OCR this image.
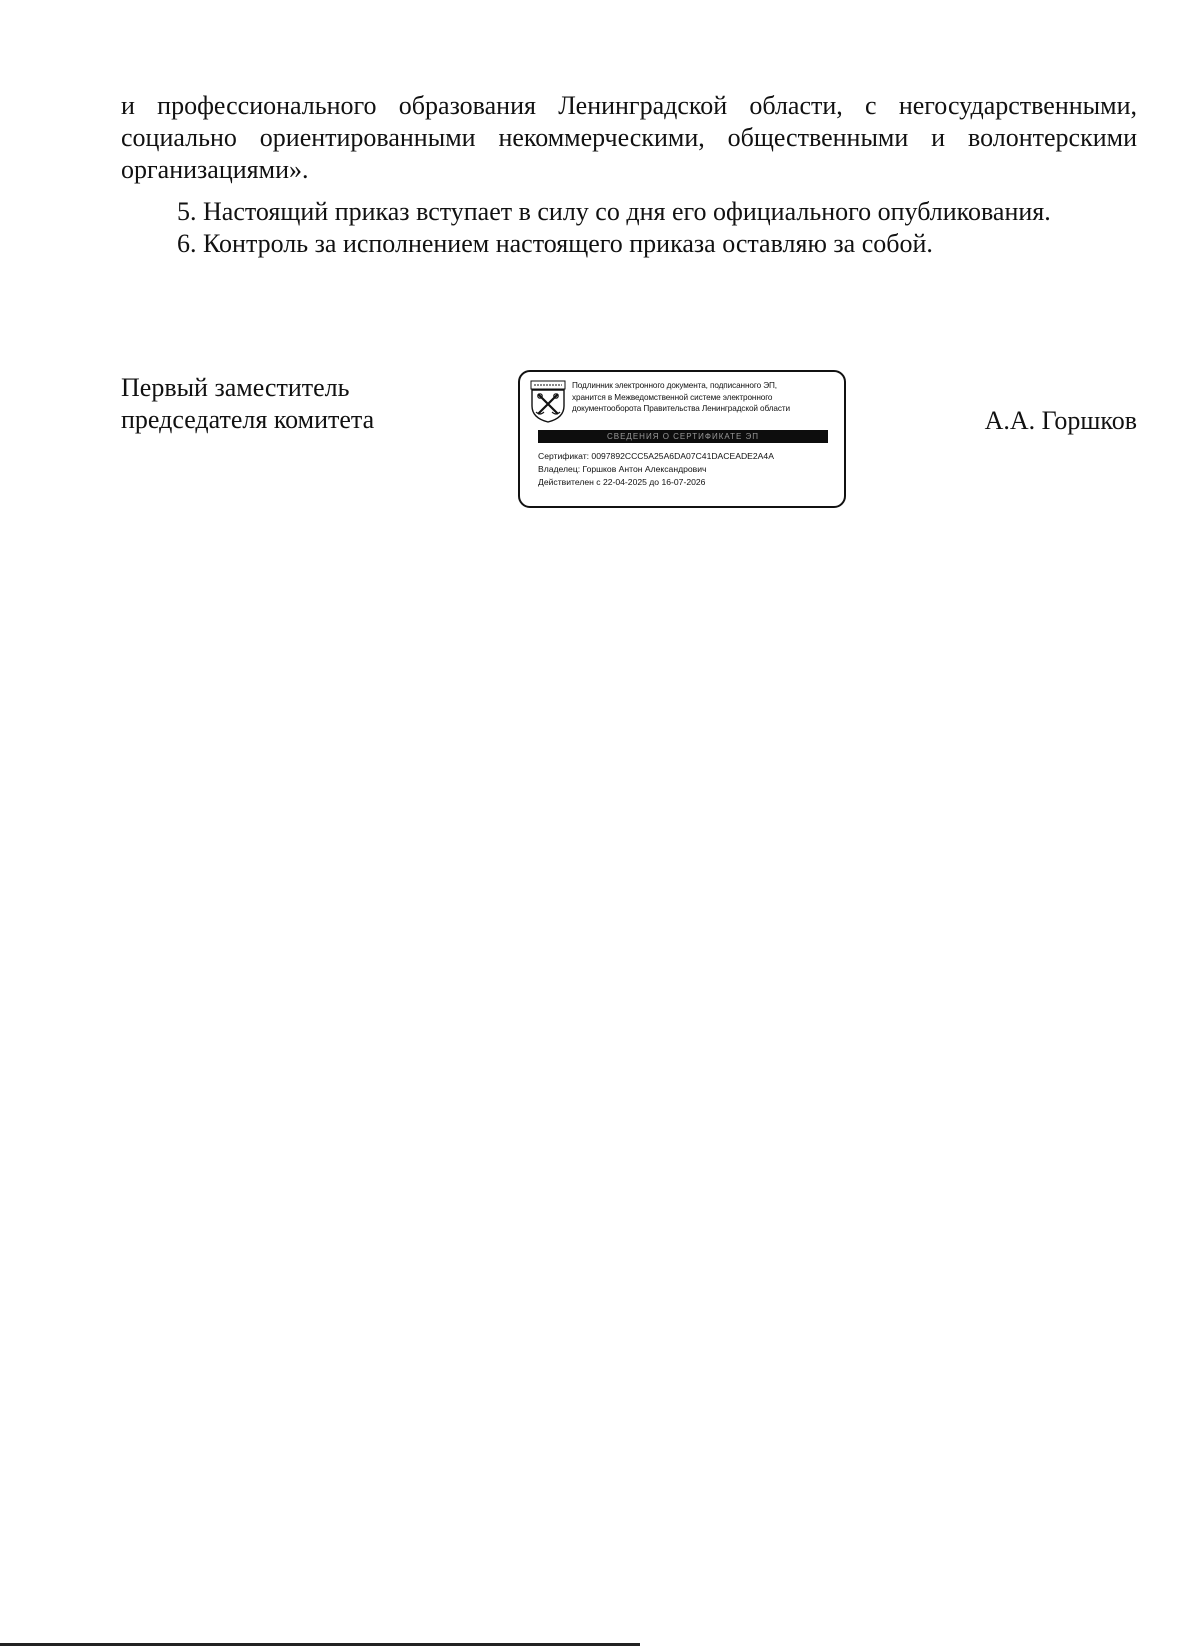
и профессионального образования Ленинградской области, с негосударственными, социально ориентированными некоммерческими, общественными и волонтерскими организациями».

5. Настоящий приказ вступает в силу со дня его официального опубликования.

6. Контроль за исполнением настоящего приказа оставляю за собой.

Первый заместитель
председателя комитета
Подлинник электронного документа, подписанного ЭП,
хранится в Межведомственной системе электронного
документооборота Правительства Ленинградской области
СВЕДЕНИЯ О СЕРТИФИКАТЕ ЭП
Сертификат: 0097892CCC5A25A6DA07C41DACEADE2A4A
Владелец: Горшков Антон Александрович
Действителен с 22-04-2025 до 16-07-2026
А.А. Горшков
